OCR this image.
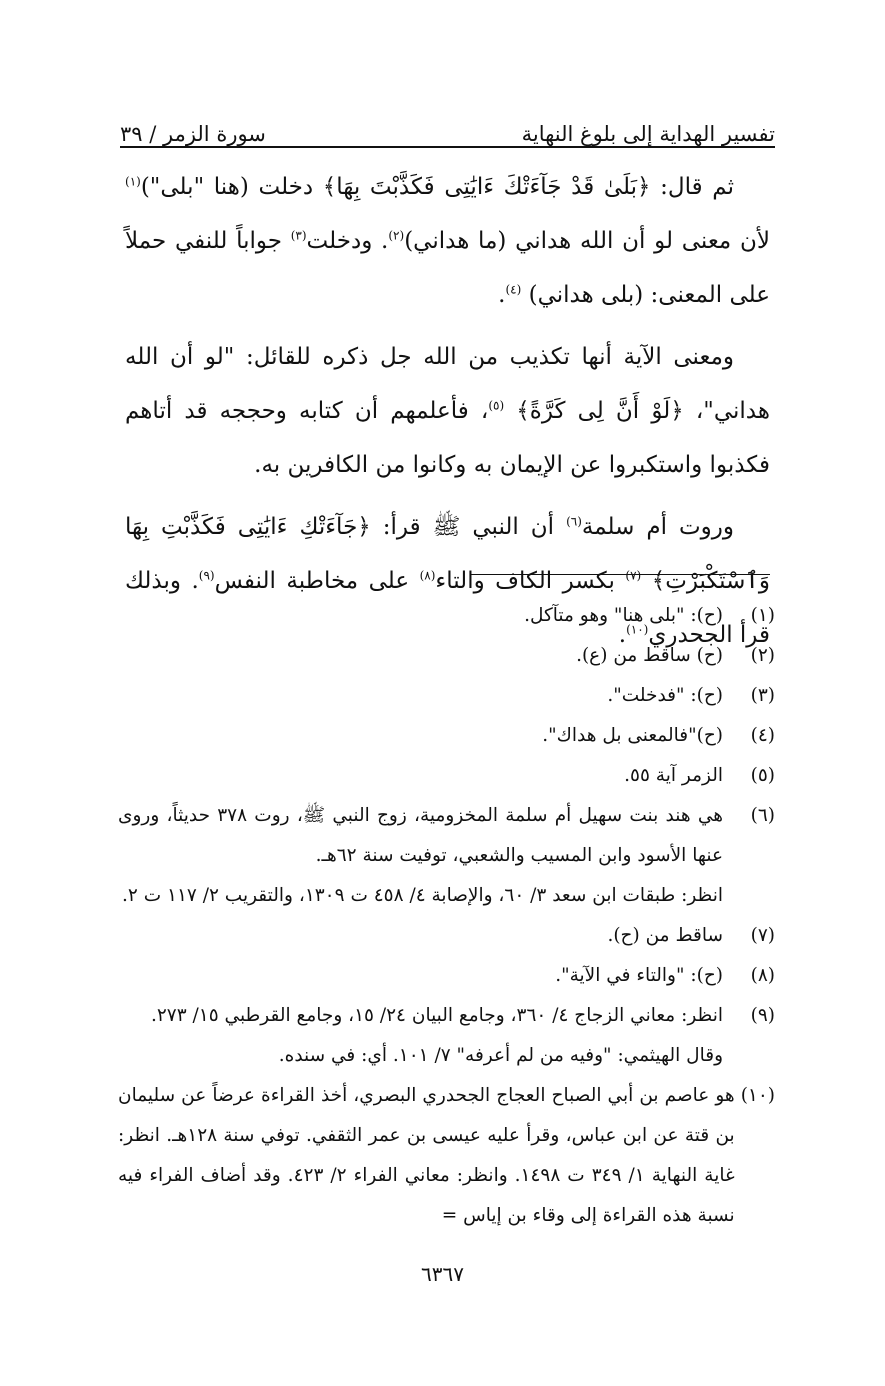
تفسير الهداية إلى بلوغ النهاية
سورة الزمر / ٣٩

ثم قال: ﴿بَلَىٰ قَدْ جَآءَتْكَ ءَايَٰتِى فَكَذَّبْتَ بِهَا﴾ دخلت (هنا "بلى")$^{(١)}$ لأن معنى لو أن الله هداني (ما هداني)$^{(٢)}$. ودخلت$^{(٣)}$ جواباً للنفي حملاً على المعنى: (بلى هداني) $^{(٤)}$.

ومعنى الآية أنها تكذيب من الله جل ذكره للقائل: "لو أن الله هداني"، ﴿لَوْ أَنَّ لِى كَرَّةً﴾ $^{(٥)}$، فأعلمهم أن كتابه وحججه قد أتاهم فكذبوا واستكبروا عن الإيمان به وكانوا من الكافرين به.

وروت أم سلمة$^{(٦)}$ أن النبي ﷺ قرأ: ﴿جَآءَتْكِ ءَايَٰتِى فَكَذَّبْتِ بِهَا وَٱسْتَكْبَرْتِ﴾ $^{(٧)}$ بكسر الكاف والتاء$^{(٨)}$ على مخاطبة النفس$^{(٩)}$. وبذلك قرأ الجحدري$^{(١٠)}$.

(١)
(ح): "بلى هنا" وهو متآكل.
(٢)
(ح) ساقط من (ع).
(٣)
(ح): "فدخلت".
(٤)
(ح)"فالمعنى بل هداك".
(٥)
الزمر آية ٥٥.
(٦)
هي هند بنت سهيل أم سلمة المخزومية، زوج النبي ﷺ، روت ٣٧٨ حديثاً، وروى عنها الأسود وابن المسيب والشعبي، توفيت سنة ٦٢هـ.
انظر: طبقات ابن سعد ٣/ ٦٠، والإصابة ٤/ ٤٥٨ ت ١٣٠٩، والتقريب ٢/ ١١٧ ت ٢.
(٧)
ساقط من (ح).
(٨)
(ح): "والتاء في الآية".
(٩)
انظر: معاني الزجاج ٤/ ٣٦٠، وجامع البيان ٢٤/ ١٥، وجامع القرطبي ١٥/ ٢٧٣.
وقال الهيثمي: "وفيه من لم أعرفه" ٧/ ١٠١. أي: في سنده.
(١٠)
هو عاصم بن أبي الصباح العجاج الجحدري البصري، أخذ القراءة عرضاً عن سليمان بن قتة عن ابن عباس، وقرأ عليه عيسى بن عمر الثقفي. توفي سنة ١٢٨هـ. انظر: غاية النهاية ١/ ٣٤٩ ت ١٤٩٨. وانظر: معاني الفراء ٢/ ٤٢٣. وقد أضاف الفراء فيه نسبة هذه القراءة إلى وقاء بن إياس =
٦٣٦٧
